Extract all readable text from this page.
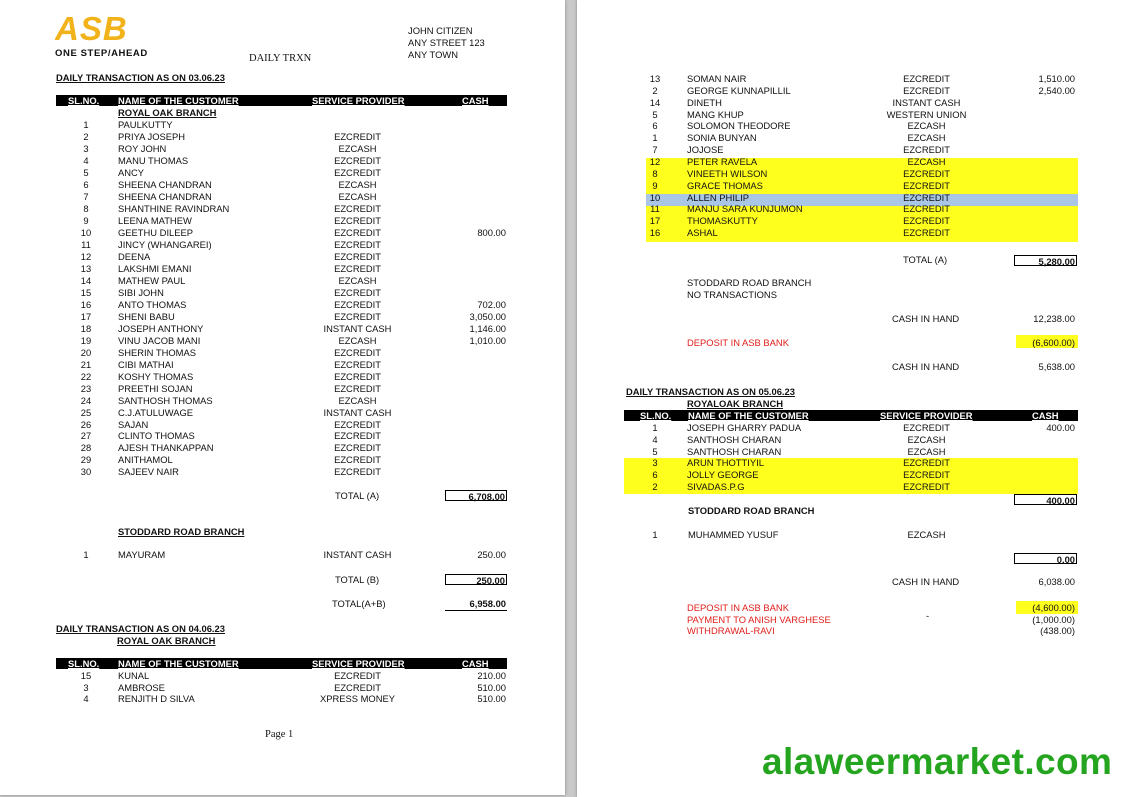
ASB
ONE STEP/AHEAD	DAILY TRXN
JOHN CITIZEN
ANY STREET 123
ANY TOWN
DAILY TRANSACTION AS ON 03.06.23
SL.NO. NAME OF THE CUSTOMER	SERVICE PROVIDER	CASH
ROYAL OAK BRANCH
1	PAULKUTTY
2	PRIYA JOSEPH	EZCREDIT
3	ROY JOHN	EZCASH
4	MANU THOMAS	EZCREDIT
5	ANCY	EZCREDIT
6	SHEENA CHANDRAN	EZCASH
7	SHEENA CHANDRAN	EZCASH
8	SHANTHINE RAVINDRAN	EZCREDIT
9	LEENA MATHEW	EZCREDIT
10	GEETHU DILEEP	EZCREDIT	800.00
11	JINCY (WHANGAREI)	EZCREDIT
12	DEENA	EZCREDIT
13	LAKSHMI EMANI	EZCREDIT
14	MATHEW PAUL	EZCASH
15	SIBI JOHN	EZCREDIT
16	ANTO THOMAS	EZCREDIT	702.00
17	SHENI BABU	EZCREDIT	3,050.00
18	JOSEPH ANTHONY	INSTANT CASH	1,146.00
19	VINU JACOB MANI	EZCASH	1,010.00
20	SHERIN THOMAS	EZCREDIT
21	CIBI MATHAI	EZCREDIT
22	KOSHY THOMAS	EZCREDIT
23	PREETHI SOJAN	EZCREDIT
24	SANTHOSH THOMAS	EZCASH
25	C.J.ATULUWAGE	INSTANT CASH
26	SAJAN	EZCREDIT
27	CLINTO THOMAS	EZCREDIT
28	AJESH THANKAPPAN	EZCREDIT
29	ANITHAMOL	EZCREDIT
30	SAJEEV NAIR	EZCREDIT
TOTAL (A)	6,708.00
STODDARD ROAD BRANCH
1	MAYURAM	INSTANT CASH	250.00
TOTAL (B)	250.00
TOTAL(A+B)	6,958.00
DAILY TRANSACTION AS ON 04.06.23
ROYAL OAK BRANCH
SL.NO. NAME OF THE CUSTOMER	SERVICE PROVIDER	CASH
15	KUNAL	EZCREDIT	210.00
3	AMBROSE	EZCREDIT	510.00
4	RENJITH D SILVA	XPRESS MONEY	510.00
Page 1
13	SOMAN NAIR	EZCREDIT	1,510.00
2	GEORGE KUNNAPILLIL	EZCREDIT	2,540.00
14	DINETH	INSTANT CASH
5	MANG KHUP	WESTERN UNION
6	SOLOMON THEODORE	EZCASH
1	SONIA BUNYAN	EZCASH
7	JOJOSE	EZCREDIT
12	PETER RAVELA	EZCASH
8	VINEETH WILSON	EZCREDIT
9	GRACE THOMAS	EZCREDIT
10	ALLEN PHILIP	EZCREDIT
11	MANJU SARA KUNJUMON	EZCREDIT
17	THOMASKUTTY	EZCREDIT
16	ASHAL	EZCREDIT
TOTAL (A)	5,280.00
STODDARD ROAD BRANCH
NO TRANSACTIONS
CASH IN HAND	12,238.00
DEPOSIT IN ASB BANK	(6,600.00)
CASH IN HAND	5,638.00
DAILY TRANSACTION AS ON 05.06.23
ROYALOAK BRANCH
SL.NO. NAME OF THE CUSTOMER	SERVICE PROVIDER	CASH
1	JOSEPH GHARRY PADUA	EZCREDIT	400.00
4	SANTHOSH CHARAN	EZCASH
5	SANTHOSH CHARAN	EZCASH
3	ARUN THOTTIYIL	EZCREDIT
6	JOLLY GEORGE	EZCREDIT
2	SIVADAS.P.G	EZCREDIT
400.00
STODDARD ROAD BRANCH
1	MUHAMMED YUSUF	EZCASH
0.00
CASH IN HAND	6,038.00
DEPOSIT IN ASB BANK	(4,600.00)
PAYMENT TO ANISH VARGHESE	-	(1,000.00)
WITHDRAWAL-RAVI	(438.00)
alaweermarket.com
